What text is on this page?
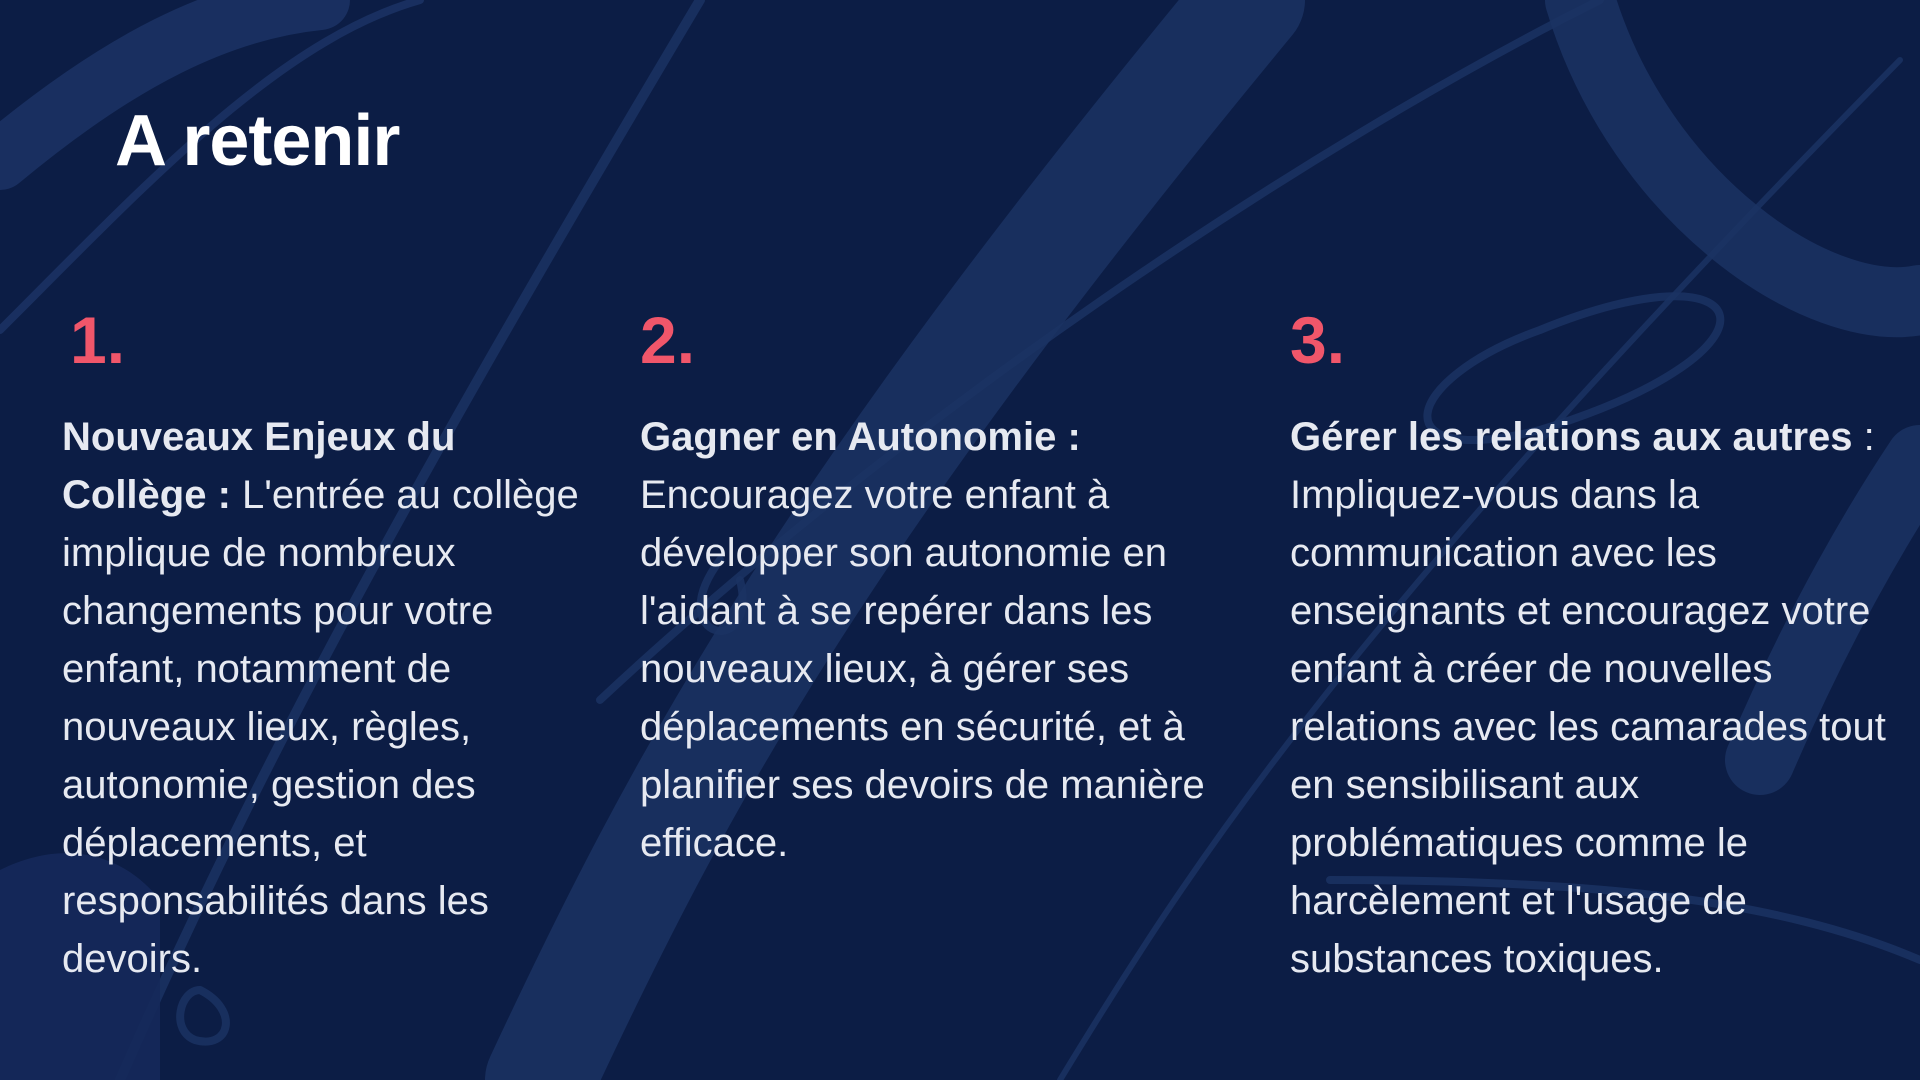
A retenir
1.

Nouveaux Enjeux du Collège : L'entrée au collège implique de nombreux changements pour votre enfant, notamment de nouveaux lieux, règles, autonomie, gestion des déplacements, et responsabilités dans les devoirs.

2.

Gagner en Autonomie : Encouragez votre enfant à développer son autonomie en l'aidant à se repérer dans les nouveaux lieux, à gérer ses déplacements en sécurité, et à planifier ses devoirs de manière efficace.

3.

Gérer les relations aux autres : Impliquez-vous dans la communication avec les enseignants et encouragez votre enfant à créer de nouvelles relations avec les camarades tout en sensibilisant aux problématiques comme le harcèlement et l'usage de substances toxiques.
